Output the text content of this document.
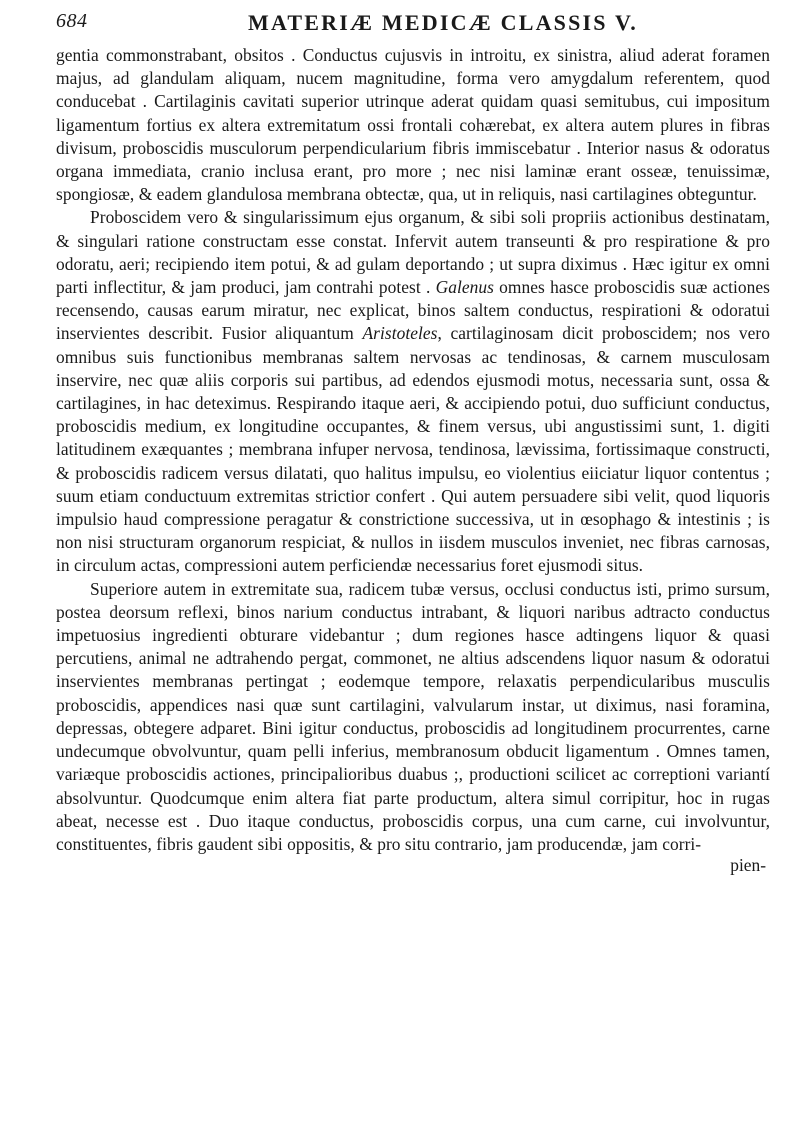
684	MATERIÆ MEDICÆ CLASSIS V.

gentia commonstrabant, obsitos . Conductus cujusvis in introitu, ex sinistra, aliud aderat foramen majus, ad glandulam aliquam, nucem magnitudine, forma vero amygdalum referentem, quod conducebat . Cartilaginis cavitati superior utrinque aderat quidam quasi semitubus, cui impositum ligamentum fortius ex altera extremitatum ossi frontali cohærebat, ex altera autem plures in fibras divisum, proboscidis musculorum perpendicularium fibris immiscebatur . Interior nasus & odoratus organa immediata, cranio inclusa erant, pro more ; nec nisi laminæ erant osseæ, tenuissimæ, spongiosæ, & eadem glandulosa membrana obtectæ, qua, ut in reliquis, nasi cartilagines obteguntur.

Proboscidem vero & singularissimum ejus organum, & sibi soli propriis actionibus destinatam, & singulari ratione constructam esse constat. Infervit autem transeunti & pro respiratione & pro odoratu, aeri; recipiendo item potui, & ad gulam deportando ; ut supra diximus . Hæc igitur ex omni parti inflectitur, & jam produci, jam contrahi potest . Galenus omnes hasce proboscidis suæ actiones recensendo, causas earum miratur, nec explicat, binos saltem conductus, respirationi & odoratui inservientes describit. Fusior aliquantum Aristoteles, cartilaginosam dicit proboscidem; nos vero omnibus suis functionibus membranas saltem nervosas ac tendinosas, & carnem musculosam inservire, nec quæ aliis corporis sui partibus, ad edendos ejusmodi motus, necessaria sunt, ossa & cartilagines, in hac deteximus. Respirando itaque aeri, & accipiendo potui, duo sufficiunt conductus, proboscidis medium, ex longitudine occupantes, & finem versus, ubi angustissimi sunt, 1. digiti latitudinem exæquantes ; membrana infuper nervosa, tendinosa, lævissima, fortissimaque constructi, & proboscidis radicem versus dilatati, quo halitus impulsu, eo violentius eiiciatur liquor contentus ; suum etiam conductuum extremitas strictior confert . Qui autem persuadere sibi velit, quod liquoris impulsio haud compressione peragatur & constrictione successiva, ut in œsophago & intestinis ; is non nisi structuram organorum respiciat, & nullos in iisdem musculos inveniet, nec fibras carnosas, in circulum actas, compressioni autem perficiendæ necessarius foret ejusmodi situs.

Superiore autem in extremitate sua, radicem tubæ versus, occlusi conductus isti, primo sursum, postea deorsum reflexi, binos narium conductus intrabant, & liquori naribus adtracto conductus impetuosius ingredienti obturare videbantur ; dum regiones hasce adtingens liquor & quasi percutiens, animal ne adtrahendo pergat, commonet, ne altius adscendens liquor nasum & odoratui inservientes membranas pertingat ; eodemque tempore, relaxatis perpendicularibus musculis proboscidis, appendices nasi quæ sunt cartilagini, valvularum instar, ut diximus, nasi foramina, depressas, obtegere adparet. Bini igitur conductus, proboscidis ad longitudinem procurrentes, carne undecumque obvolvuntur, quam pelli inferius, membranosum obducit ligamentum . Omnes tamen, variæque proboscidis actiones, principalioribus duabus ;, productioni scilicet ac correptioni variantí absolvuntur. Quodcumque enim altera fiat parte productum, altera simul corripitur, hoc in rugas abeat, necesse est . Duo itaque conductus, proboscidis corpus, una cum carne, cui involvuntur, constituentes, fibris gaudent sibi oppositis, & pro situ contrario, jam producendæ, jam corri-

pien-
